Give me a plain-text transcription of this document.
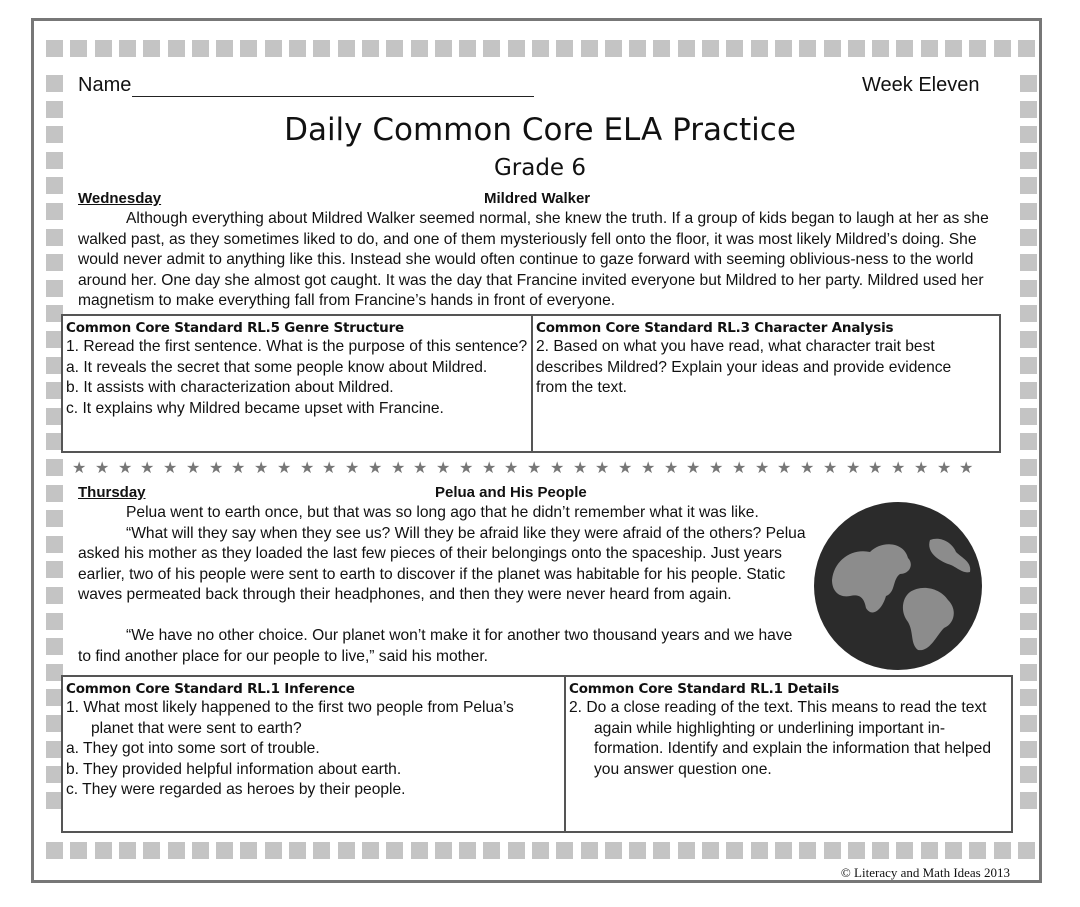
Name	Week Eleven
Daily Common Core ELA Practice
Grade 6
Wednesday	Mildred Walker

Although everything about Mildred Walker seemed normal, she knew the truth. If a group of kids began to laugh at her as she walked past, as they sometimes liked to do, and one of them mysteriously fell onto the floor, it was most likely Mildred’s doing. She would never admit to anything like this. Instead she would often continue to gaze forward with seeming oblivious-ness to the world around her. One day she almost got caught. It was the day that Francine invited everyone but Mildred to her party. Mildred used her magnetism to make everything fall from Francine’s hands in front of everyone.

Common Core Standard RL.5 Genre Structure
1. Reread the first sentence. What is the purpose of this sentence?
a. It reveals the secret that some people know about Mildred.
b. It assists with characterization about Mildred.
c. It explains why Mildred became upset with Francine.
Common Core Standard RL.3 Character Analysis
2. Based on what you have read, what character trait best describes Mildred? Explain your ideas and provide evidence from the text.
★ ★ ★ ★ ★ ★ ★ ★ ★ ★ ★ ★ ★ ★ ★ ★ ★ ★ ★ ★ ★ ★ ★ ★ ★ ★ ★ ★ ★ ★ ★ ★ ★ ★ ★ ★ ★ ★ ★ ★
Thursday	Pelua and His People

Pelua went to earth once, but that was so long ago that he didn’t remember what it was like.

“What will they say when they see us? Will they be afraid like they were afraid of the others? Pelua asked his mother as they loaded the last few pieces of their belongings onto the spaceship. Just years earlier, two of his people were sent to earth to discover if the planet was habitable for his people. Static waves permeated back through their headphones, and then they were never heard from again.

“We have no other choice. Our planet won’t make it for another two thousand years and we have to find another place for our people to live,” said his mother.

Common Core Standard RL.1 Inference
1. What most likely happened to the first two people from Pelua’s planet that were sent to earth?
a. They got into some sort of trouble.
b. They provided helpful information about earth.
c. They were regarded as heroes by their people.
Common Core Standard RL.1 Details
2. Do a close reading of the text. This means to read the text again while highlighting or underlining important in-formation. Identify and explain the information that helped you answer question one.
© Literacy and Math Ideas 2013
